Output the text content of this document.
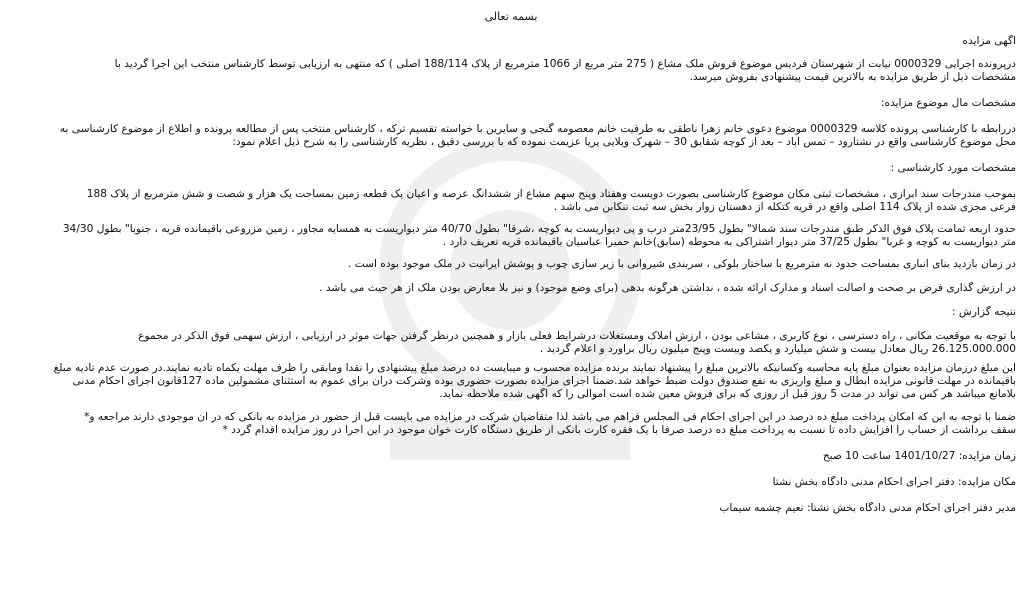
بسمه تعالی
آگهی مزایده
درپرونده اجرایی 0000329 نیابت از شهرستان فردیس موضوع فروش ملک مشاع ( 275 متر مربع از 1066 مترمربع از پلاک 188/114 اصلی ) که منتهی به ارزیابی توسط کارشناس منتخب این اجرا گردید با
مشخصات ذیل از طریق مزایده به بالاترین قیمت پیشنهادی بفروش میرسد.
مشخصات مال موضوع مزایده:
دررابطه با کارشناسی پرونده کلاسه 0000329 موضوع دعوی خانم زهرا ناطقی به طرفیت خانم معصومه گنجی و سایرین با خواسته تقسیم ترکه ، کارشناس منتخب پس از مطالعه پرونده و اطلاع از موضوع کارشناسی به
محل موضوع کارشناسی واقع در نشتارود – تمس آباد – بعد از کوچه شقایق 30 – شهرک ویلایی پریا عزیمت نموده که با بررسی دقیق ، نظریه کارشناسی را به شرح ذیل اعلام نمود:
مشخصات مورد کارشناسی :
بموجب مندرجات سند ابرازی ، مشخصات ثبتی مکان موضوع کارشناسی بصورت دویست وهفتاد وپنج سهم مشاع از ششدانگ عرصه و اعیان یک قطعه زمین بمساحت یک هزار و شصت و شش مترمربع از پلاک 188
فرعی مجزی شده از پلاک 114 اصلی واقع در قریه کتکله از دهستان زوار بخش سه ثبت تنکابن می باشد .
حدود اربعه تمامت پلاک فوق الذکر طبق مندرجات سند شمالا" بطول 23/95متر درب و پی دیواریست به کوچه ،شرقا" بطول 40/70 متر دیواریست به همسایه مجاور ، زمین مزروعی باقیمانده قریه ، جنوبا" بطول 34/30
متر دیواریست به کوچه و غربا" بطول 37/25 متر دیوار اشتراکی به محوطه (سابق)خانم حمیرا عباسیان باقیمانده قریه تعریف دارد .
در زمان بازدید بنای انباری بمساحت حدود نه مترمربع با ساختار بلوکی ، سربندی شیروانی با زیر سازی چوب و پوشش ایرانیت در ملک موجود بوده است .
در ارزش گذاری فرض بر صحت و اصالت اسناد و مدارک ارائه شده ، نداشتن هرگونه بدهی (برای وضع موجود) و نیز بلا معارض بودن ملک از هر حیث می باشد .
نتیجه گزارش :
با توجه به موقعیت مکانی ، راه دسترسی ، نوع کاربری ، مشاعی بودن ، ارزش املاک ومستغلات درشرایط فعلی بازار و همچنین درنظر گرفتن جهات موثر در ارزیابی ، ارزش سهمی فوق الذکر در مجموع
26.125.000.000 ریال معادل بیست و شش میلیارد و یکصد وبیست وپنج میلیون ریال برآورد و اعلام گردید .
این مبلغ درزمان مزایده بعنوان مبلغ پایه محاسبه وکسانیکه بالاترین مبلغ را پیشنهاد نمایند برنده مزایده محسوب و میبایست ده درصد مبلغ پیشنهادی را نقدا ومابقی را ظرف مهلت یکماه تادیه نمایند.در صورت عدم تادیه مبلغ
باقیمانده در مهلت قانونی مزایده ابطال و مبلغ واریزی به نفع صندوق دولت ضبط خواهد شد.ضمنا اجرای مزایده بصورت حضوری بوده وشرکت دران برای عموم به استثنای مشمولین ماده 127قانون اجرای احکام مدنی
بلامانع میباشد هر کس می تواند در مدت 5 روز قبل از روزی که برای فروش معین شده است اموالی را که آگهی شده ملاحظه نماید.
ضمنا با توجه به این که امکان پرداخت مبلغ ده درصد در این اجرای احکام فی المجلس فراهم می باشد لذا متقاضیان شرکت در مزایده می بایست قبل از حضور در مزایده به بانکی که در آن موجودی دارند مراجعه و*
سقف برداشت از حساب را افزایش داده تا نسبت به پرداخت مبلغ ده درصد صرفا با یک فقره کارت بانکی از طریق دستگاه کارت خوان موجود در این اجرا در روز مزایده اقدام گردد *
زمان مزایده: 1401/10/27 ساعت 10 صبح
مکان مزایده: دفتر اجرای احکام مدنی دادگاه بخش نشتا
مدیر دفتر اجرای احکام مدنی دادگاه بخش نشتا: نعیم چشمه سیماب
